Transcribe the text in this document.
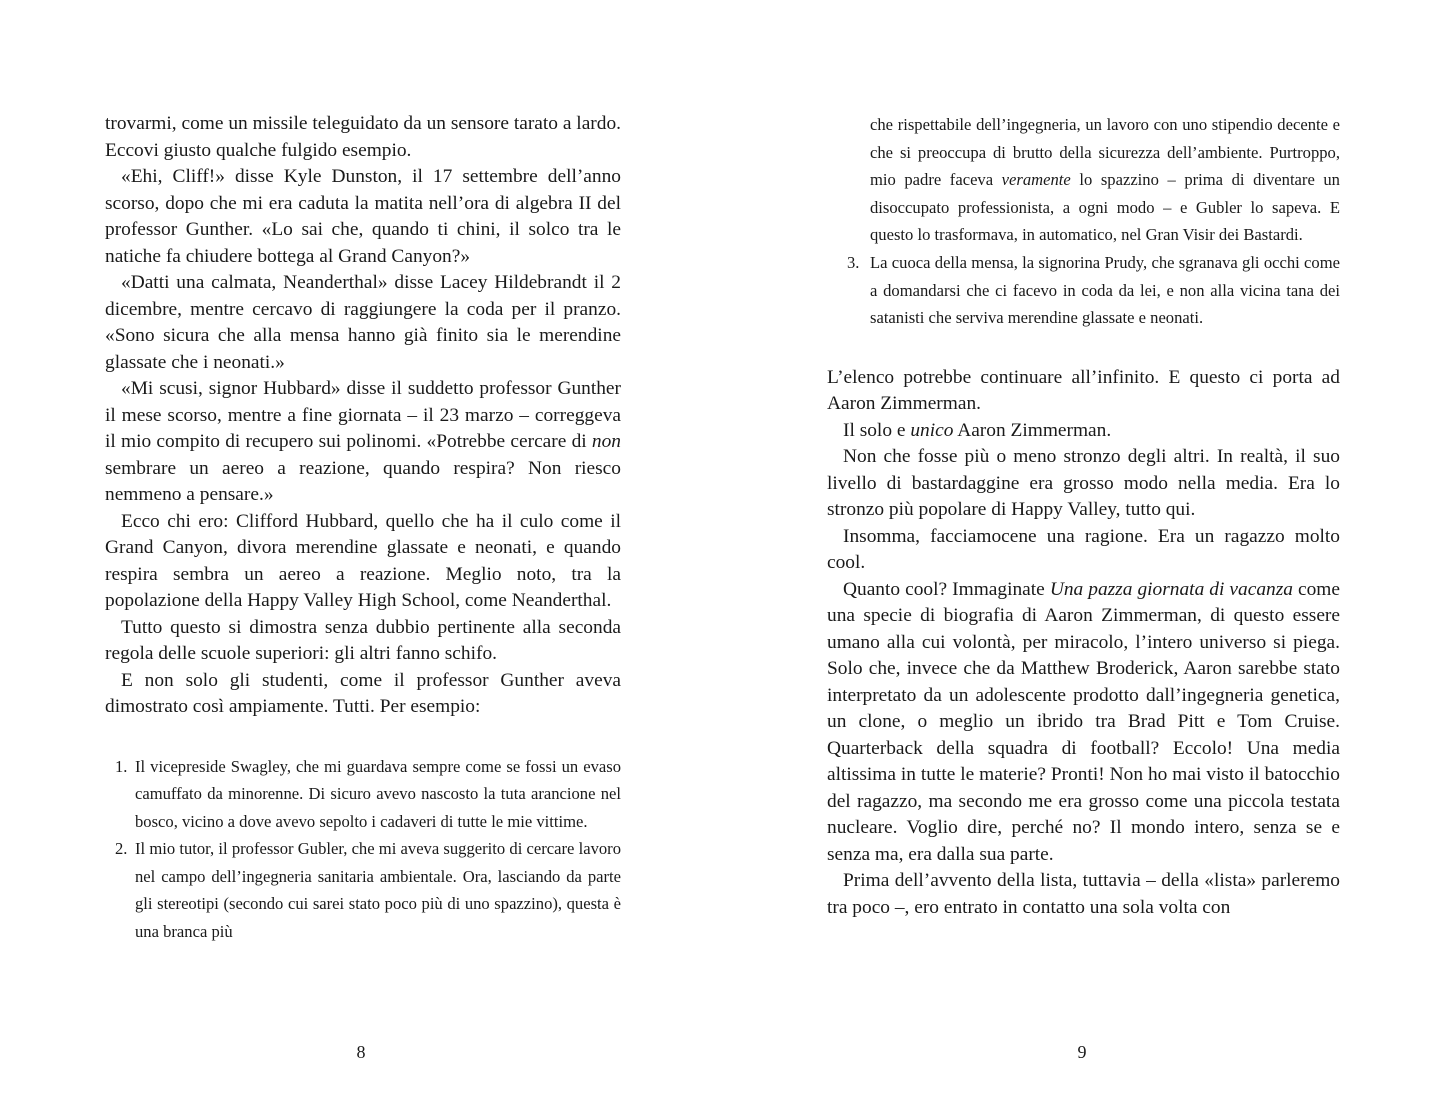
trovarmi, come un missile teleguidato da un sensore tarato a lardo. Eccovi giusto qualche fulgido esempio.

«Ehi, Cliff!» disse Kyle Dunston, il 17 settembre dell’anno scorso, dopo che mi era caduta la matita nell’ora di algebra II del professor Gunther. «Lo sai che, quando ti chini, il solco tra le natiche fa chiudere bottega al Grand Canyon?»

«Datti una calmata, Neanderthal» disse Lacey Hildebrandt il 2 dicembre, mentre cercavo di raggiungere la coda per il pranzo. «Sono sicura che alla mensa hanno già finito sia le merendine glassate che i neonati.»

«Mi scusi, signor Hubbard» disse il suddetto professor Gunther il mese scorso, mentre a fine giornata – il 23 marzo – correggeva il mio compito di recupero sui polinomi. «Potrebbe cercare di non sembrare un aereo a reazione, quando respira? Non riesco nemmeno a pensare.»

Ecco chi ero: Clifford Hubbard, quello che ha il culo come il Grand Canyon, divora merendine glassate e neonati, e quando respira sembra un aereo a reazione. Meglio noto, tra la popolazione della Happy Valley High School, come Neanderthal.

Tutto questo si dimostra senza dubbio pertinente alla seconda regola delle scuole superiori: gli altri fanno schifo.

E non solo gli studenti, come il professor Gunther aveva dimostrato così ampiamente. Tutti. Per esempio:

1. Il vicepreside Swagley, che mi guardava sempre come se fossi un evaso camuffato da minorenne. Di sicuro avevo nascosto la tuta arancione nel bosco, vicino a dove avevo sepolto i cadaveri di tutte le mie vittime.
2. Il mio tutor, il professor Gubler, che mi aveva suggerito di cercare lavoro nel campo dell’ingegneria sanitaria ambientale. Ora, lasciando da parte gli stereotipi (secondo cui sarei stato poco più di uno spazzino), questa è una branca più
8
che rispettabile dell’ingegneria, un lavoro con uno stipendio decente e che si preoccupa di brutto della sicurezza dell’ambiente. Purtroppo, mio padre faceva veramente lo spazzino – prima di diventare un disoccupato professionista, a ogni modo – e Gubler lo sapeva. E questo lo trasformava, in automatico, nel Gran Visir dei Bastardi.
3. La cuoca della mensa, la signorina Prudy, che sgranava gli occhi come a domandarsi che ci facevo in coda da lei, e non alla vicina tana dei satanisti che serviva merendine glassate e neonati.

L’elenco potrebbe continuare all’infinito. E questo ci porta ad Aaron Zimmerman.

Il solo e unico Aaron Zimmerman.

Non che fosse più o meno stronzo degli altri. In realtà, il suo livello di bastardaggine era grosso modo nella media. Era lo stronzo più popolare di Happy Valley, tutto qui.

Insomma, facciamocene una ragione. Era un ragazzo molto cool.

Quanto cool? Immaginate Una pazza giornata di vacanza come una specie di biografia di Aaron Zimmerman, di questo essere umano alla cui volontà, per miracolo, l’intero universo si piega. Solo che, invece che da Matthew Broderick, Aaron sarebbe stato interpretato da un adolescente prodotto dall’ingegneria genetica, un clone, o meglio un ibrido tra Brad Pitt e Tom Cruise. Quarterback della squadra di football? Eccolo! Una media altissima in tutte le materie? Pronti! Non ho mai visto il batocchio del ragazzo, ma secondo me era grosso come una piccola testata nucleare. Voglio dire, perché no? Il mondo intero, senza se e senza ma, era dalla sua parte.

Prima dell’avvento della lista, tuttavia – della «lista» parleremo tra poco –, ero entrato in contatto una sola volta con

9
